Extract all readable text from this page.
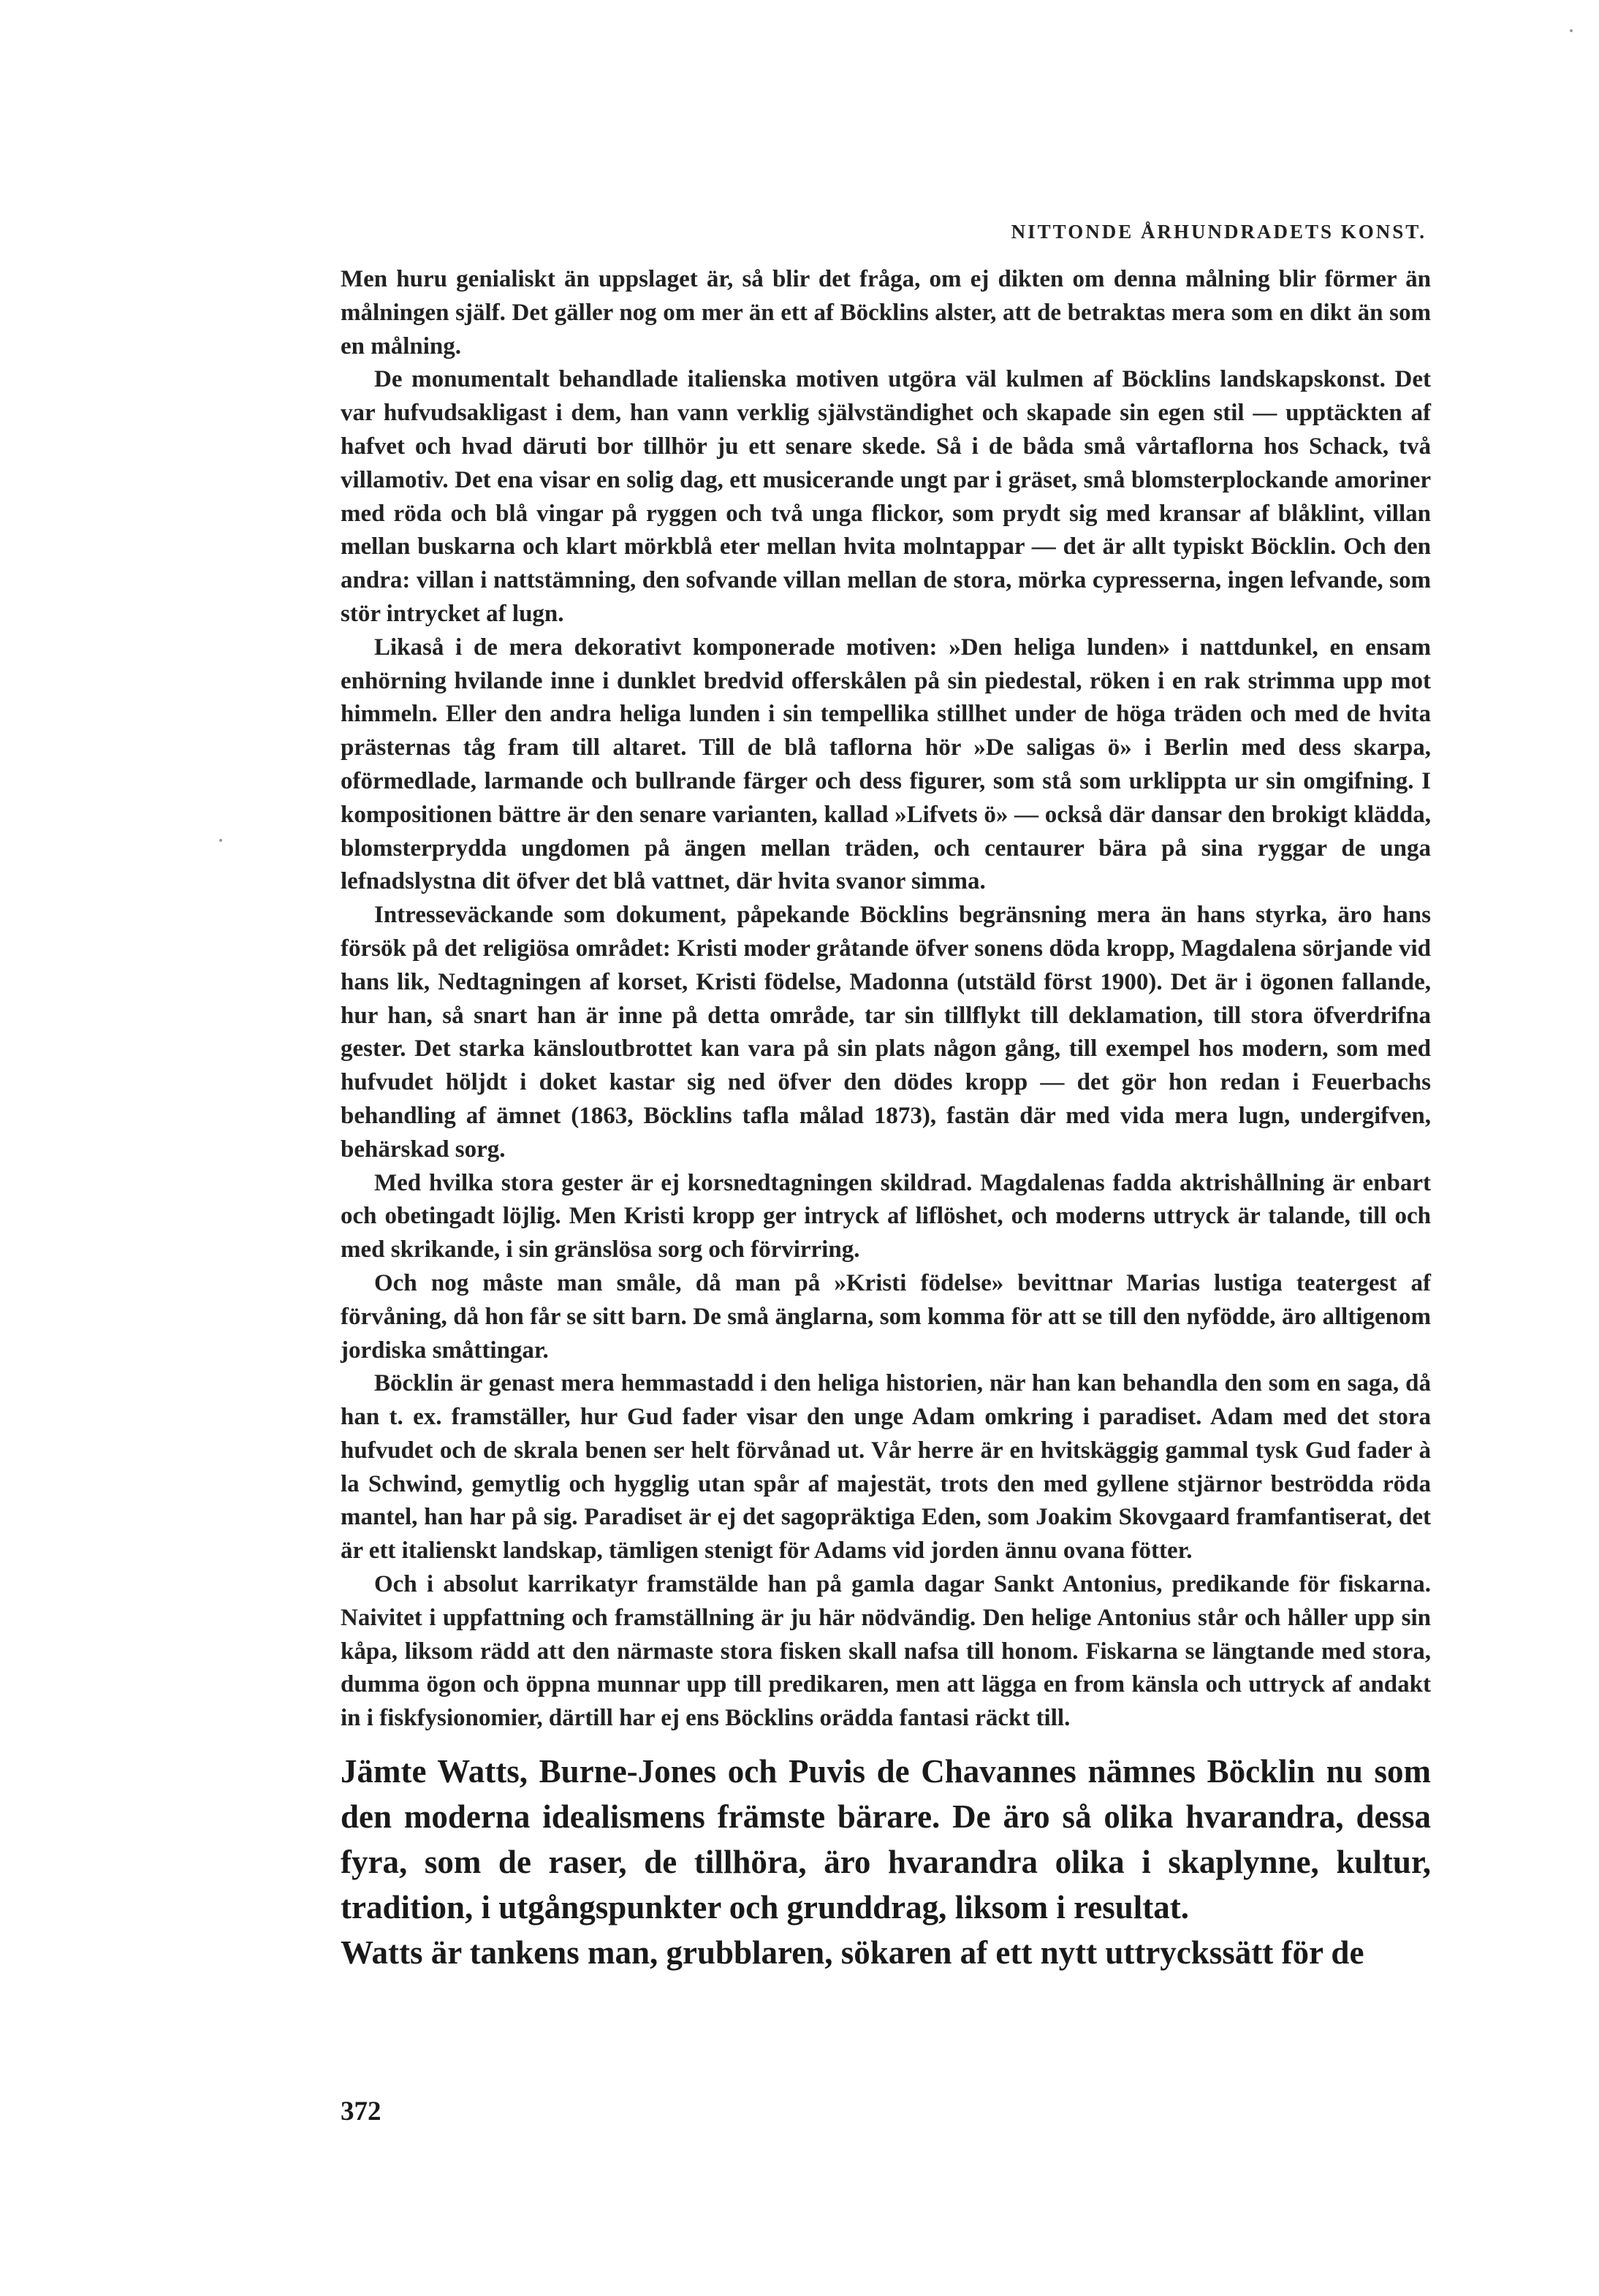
NITTONDE ÅRHUNDRADETS KONST.

Men huru genialiskt än uppslaget är, så blir det fråga, om ej dikten om denna målning blir förmer än målningen själf. Det gäller nog om mer än ett af Böcklins alster, att de betraktas mera som en dikt än som en målning.

De monumentalt behandlade italienska motiven utgöra väl kulmen af Böcklins landskapskonst. Det var hufvudsakligast i dem, han vann verklig självständighet och skapade sin egen stil — upptäckten af hafvet och hvad däruti bor tillhör ju ett senare skede. Så i de båda små vårtaflorna hos Schack, två villamotiv. Det ena visar en solig dag, ett musicerande ungt par i gräset, små blomsterplockande amoriner med röda och blå vingar på ryggen och två unga flickor, som prydt sig med kransar af blåklint, villan mellan buskarna och klart mörkblå eter mellan hvita molntappar — det är allt typiskt Böcklin. Och den andra: villan i nattstämning, den sofvande villan mellan de stora, mörka cypresserna, ingen lefvande, som stör intrycket af lugn.

Likaså i de mera dekorativt komponerade motiven: »Den heliga lunden» i nattdunkel, en ensam enhörning hvilande inne i dunklet bredvid offerskålen på sin piedestal, röken i en rak strimma upp mot himmeln. Eller den andra heliga lunden i sin tempellika stillhet under de höga träden och med de hvita prästernas tåg fram till altaret. Till de blå taflorna hör »De saligas ö» i Berlin med dess skarpa, oförmedlade, larmande och bullrande färger och dess figurer, som stå som urklippta ur sin omgifning. I kompositionen bättre är den senare varianten, kallad »Lifvets ö» — också där dansar den brokigt klädda, blomsterprydda ungdomen på ängen mellan träden, och centaurer bära på sina ryggar de unga lefnadslystna dit öfver det blå vattnet, där hvita svanor simma.

Intresseväckande som dokument, påpekande Böcklins begränsning mera än hans styrka, äro hans försök på det religiösa området: Kristi moder gråtande öfver sonens döda kropp, Magdalena sörjande vid hans lik, Nedtagningen af korset, Kristi födelse, Madonna (utstäld först 1900). Det är i ögonen fallande, hur han, så snart han är inne på detta område, tar sin tillflykt till deklamation, till stora öfverdrifna gester. Det starka känsloutbrottet kan vara på sin plats någon gång, till exempel hos modern, som med hufvudet höljdt i doket kastar sig ned öfver den dödes kropp — det gör hon redan i Feuerbachs behandling af ämnet (1863, Böcklins tafla målad 1873), fastän där med vida mera lugn, undergifven, behärskad sorg.

Med hvilka stora gester är ej korsnedtagningen skildrad. Magdalenas fadda aktrishållning är enbart och obetingadt löjlig. Men Kristi kropp ger intryck af liflöshet, och moderns uttryck är talande, till och med skrikande, i sin gränslösa sorg och förvirring.

Och nog måste man småle, då man på »Kristi födelse» bevittnar Marias lustiga teatergest af förvåning, då hon får se sitt barn. De små änglarna, som komma för att se till den nyfödde, äro alltigenom jordiska småttingar.

Böcklin är genast mera hemmastadd i den heliga historien, när han kan behandla den som en saga, då han t. ex. framställer, hur Gud fader visar den unge Adam omkring i paradiset. Adam med det stora hufvudet och de skrala benen ser helt förvånad ut. Vår herre är en hvitskäggig gammal tysk Gud fader à la Schwind, gemytlig och hygglig utan spår af majestät, trots den med gyllene stjärnor beströdda röda mantel, han har på sig. Paradiset är ej det sagopräktiga Eden, som Joakim Skovgaard framfantiserat, det är ett italienskt landskap, tämligen stenigt för Adams vid jorden ännu ovana fötter.

Och i absolut karrikatyr framstälde han på gamla dagar Sankt Antonius, predikande för fiskarna. Naivitet i uppfattning och framställning är ju här nödvändig. Den helige Antonius står och håller upp sin kåpa, liksom rädd att den närmaste stora fisken skall nafsa till honom. Fiskarna se längtande med stora, dumma ögon och öppna munnar upp till predikaren, men att lägga en from känsla och uttryck af andakt in i fiskfysionomier, därtill har ej ens Böcklins orädda fantasi räckt till.

Jämte Watts, Burne-Jones och Puvis de Chavannes nämnes Böcklin nu som den moderna idealismens främste bärare. De äro så olika hvarandra, dessa fyra, som de raser, de tillhöra, äro hvarandra olika i skaplynne, kultur, tradition, i utgångspunkter och grunddrag, liksom i resultat.

Watts är tankens man, grubblaren, sökaren af ett nytt uttryckssätt för de

372
